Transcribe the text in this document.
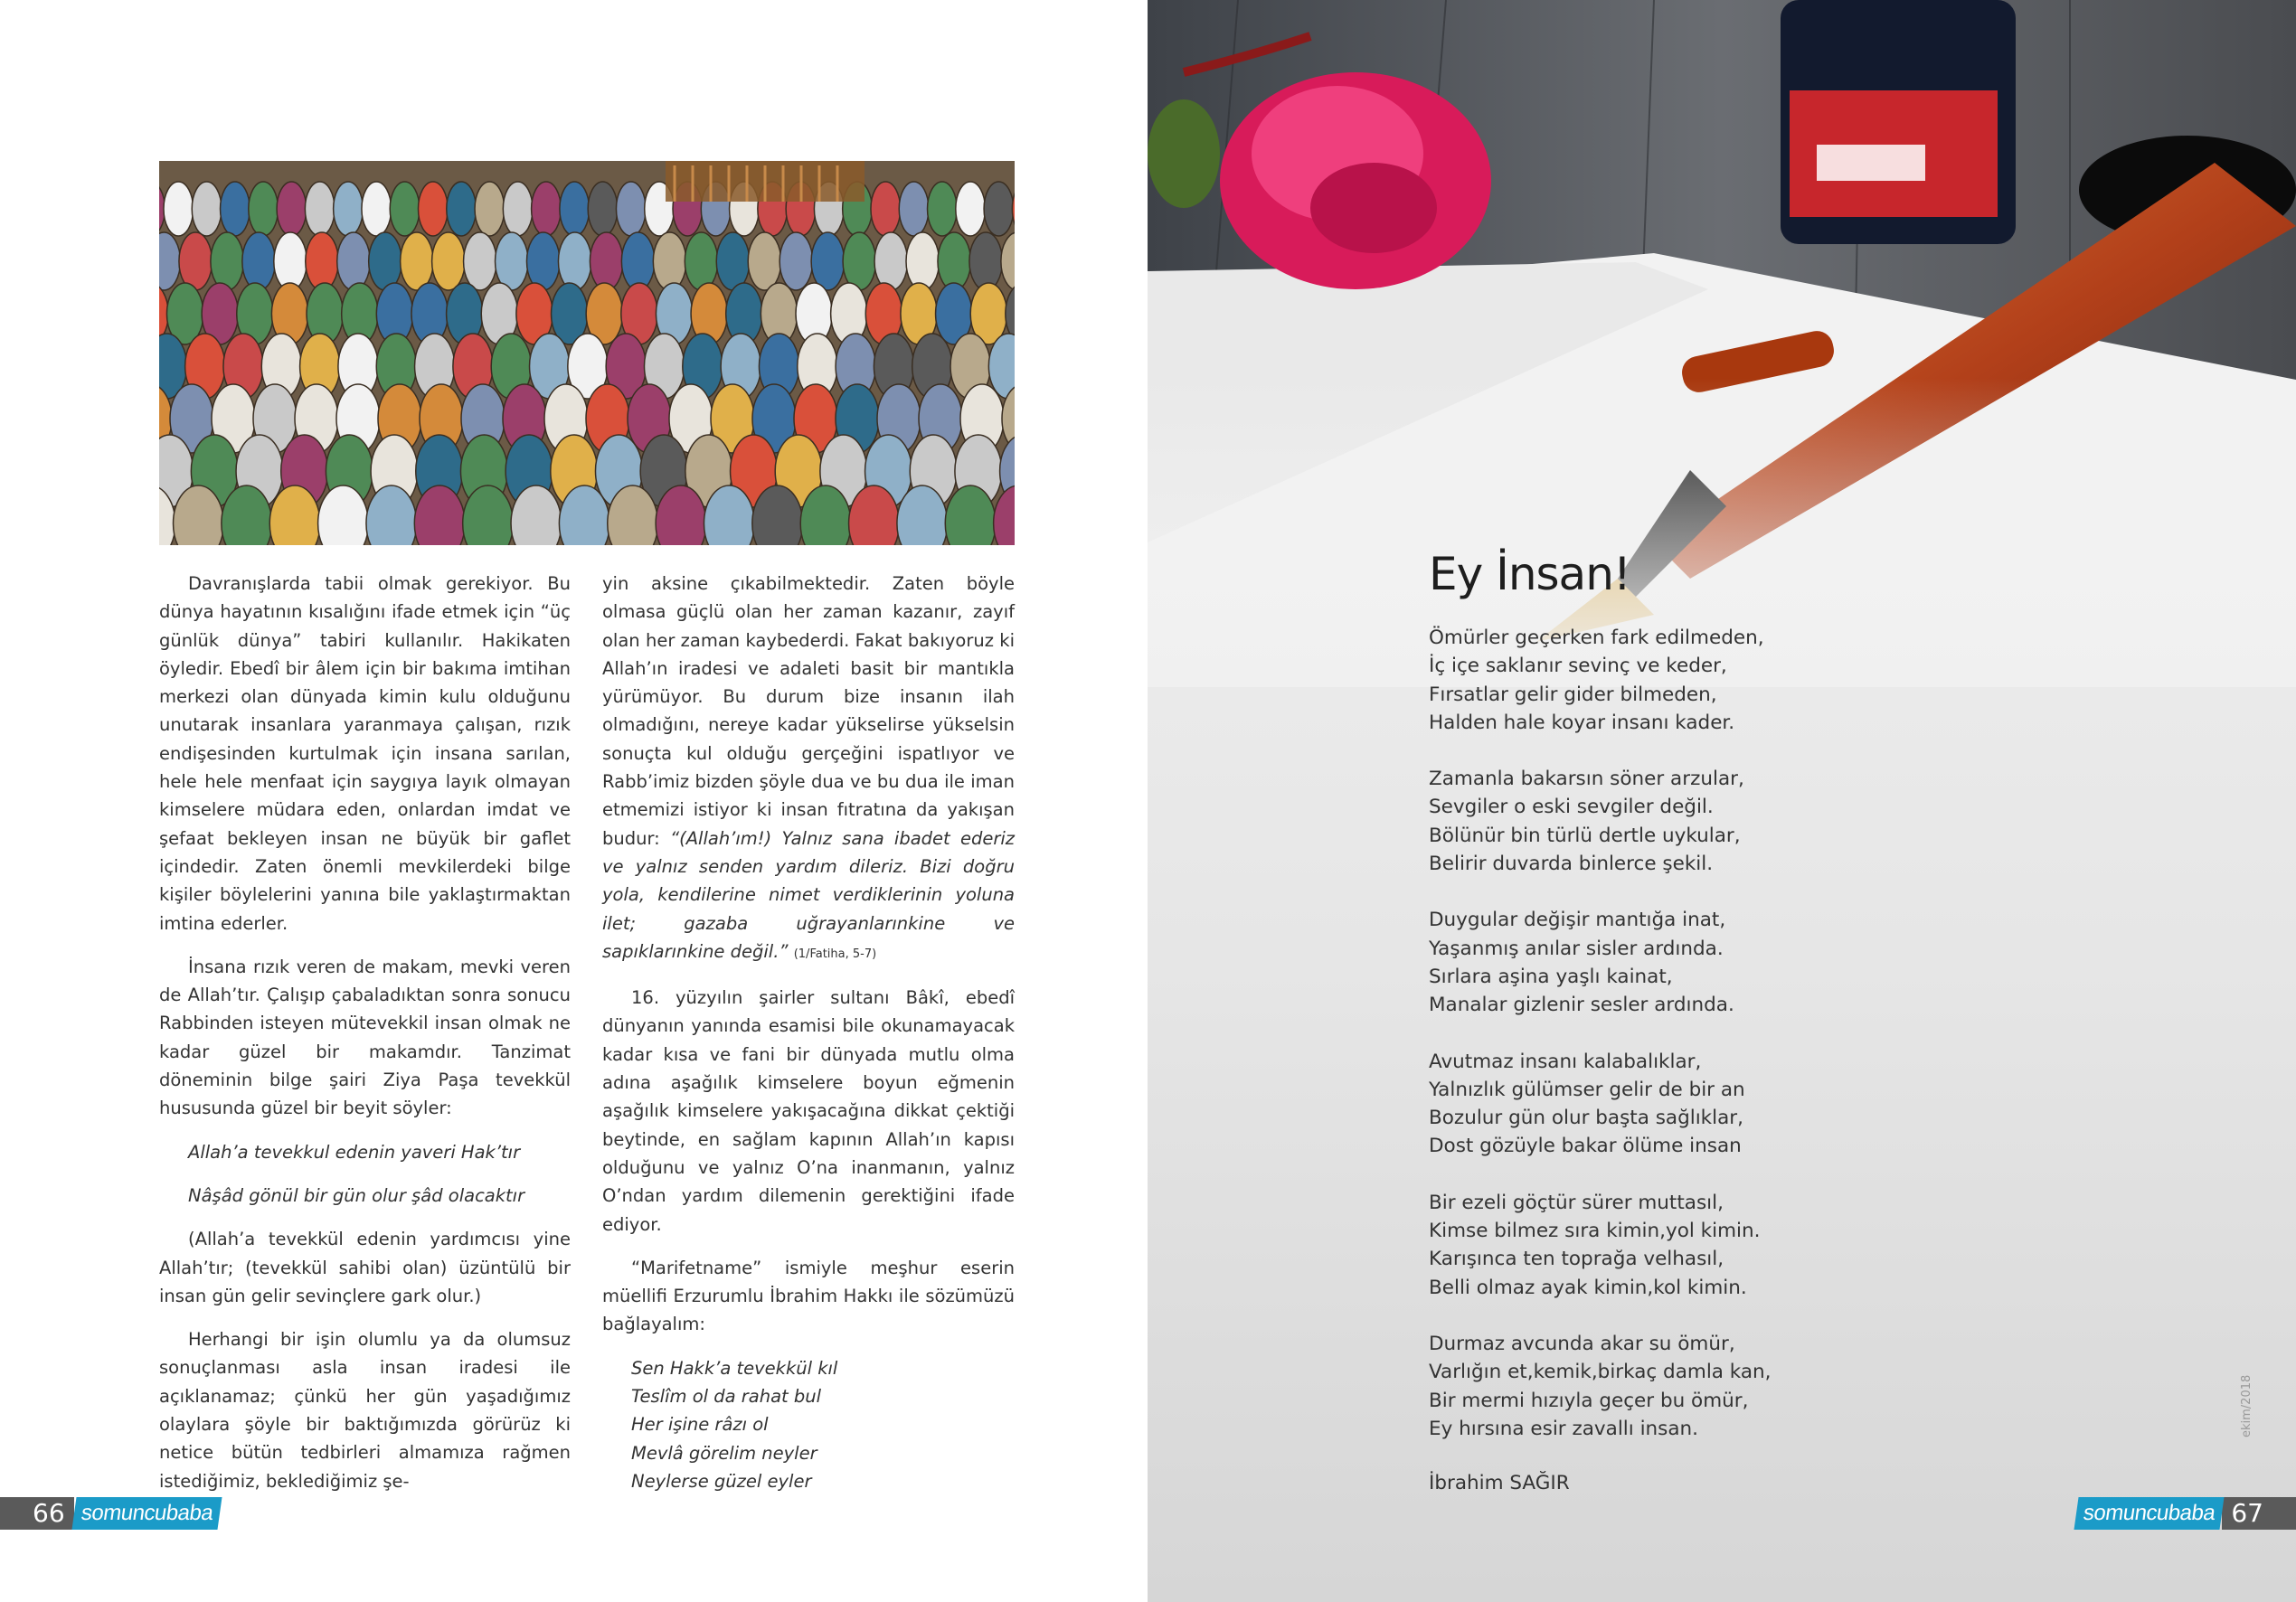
Davranışlarda tabii olmak gerekiyor. Bu dünya hayatının kısalığını ifade etmek için “üç günlük dünya” tabiri kullanılır. Hakikaten öyledir. Ebedî bir âlem için bir bakıma imtihan merkezi olan dünyada kimin kulu olduğunu unutarak insanlara yaranmaya çalışan, rızık endişesinden kurtulmak için insana sarılan, hele hele menfaat için saygıya layık olmayan kimselere müdara eden, onlardan imdat ve şefaat bekleyen insan ne büyük bir gaflet içindedir. Zaten önemli mevkilerdeki bilge kişiler böylelerini yanına bile yaklaştırmaktan imtina ederler.

İnsana rızık veren de makam, mevki veren de Allah’tır. Çalışıp çabaladıktan sonra sonucu Rabbinden isteyen mütevekkil insan olmak ne kadar güzel bir makamdır. Tanzimat döneminin bilge şairi Ziya Paşa tevekkül hususunda güzel bir beyit söyler:

Allah’a tevekkul edenin yaveri Hak’tır

Nâşâd gönül bir gün olur şâd olacaktır

(Allah’a tevekkül edenin yardımcısı yine Allah’tır; (tevekkül sahibi olan) üzüntülü bir insan gün gelir sevinçlere gark olur.)

Herhangi bir işin olumlu ya da olumsuz sonuçlanması asla insan iradesi ile açıklanamaz; çünkü her gün yaşadığımız olaylara şöyle bir baktığımızda görürüz ki netice bütün tedbirleri almamıza rağmen istediğimiz, beklediğimiz şe-

yin aksine çıkabilmektedir. Zaten böyle olmasa güçlü olan her zaman kazanır, zayıf olan her zaman kaybederdi. Fakat bakıyoruz ki Allah’ın iradesi ve adaleti basit bir mantıkla yürümüyor. Bu durum bize insanın ilah olmadığını, nereye kadar yükselirse yükselsin sonuçta kul olduğu gerçeğini ispatlıyor ve Rabb’imiz bizden şöyle dua ve bu dua ile iman etmemizi istiyor ki insan fıtratına da yakışan budur: “(Allah’ım!) Yalnız sana ibadet ederiz ve yalnız senden yardım dileriz. Bizi doğru yola, kendilerine nimet verdiklerinin yoluna ilet; gazaba uğrayanlarınkine ve sapıklarınkine değil.” (1/Fatiha, 5-7)

16. yüzyılın şairler sultanı Bâkî, ebedî dünyanın yanında esamisi bile okunamayacak kadar kısa ve fani bir dünyada mutlu olma adına aşağılık kimselere boyun eğmenin aşağılık kimselere yakışacağına dikkat çektiği beytinde, en sağlam kapının Allah’ın kapısı olduğunu ve yalnız O’na inanmanın, yalnız O’ndan yardım dilemenin gerektiğini ifade ediyor.

“Marifetname” ismiyle meşhur eserin müellifi Erzurumlu İbrahim Hakkı ile sözümüzü bağlayalım:

Sen Hakk’a tevekkül kıl
Teslîm ol da rahat bul
Her işine râzı ol
Mevlâ görelim neyler
Neylerse güzel eyler
66 somuncubaba
Ey İnsan!
Ömürler geçerken fark edilmeden,
İç içe saklanır sevinç ve keder,
Fırsatlar gelir gider bilmeden,
Halden hale koyar insanı kader.
Zamanla bakarsın söner arzular,
Sevgiler o eski sevgiler değil.
Bölünür bin türlü dertle uykular,
Belirir duvarda binlerce şekil.
Duygular değişir mantığa inat,
Yaşanmış anılar sisler ardında.
Sırlara aşina yaşlı kainat,
Manalar gizlenir sesler ardında.
Avutmaz insanı kalabalıklar,
Yalnızlık gülümser gelir de bir an
Bozulur gün olur başta sağlıklar,
Dost gözüyle bakar ölüme insan
Bir ezeli göçtür sürer muttasıl,
Kimse bilmez sıra kimin,yol kimin.
Karışınca ten toprağa velhasıl,
Belli olmaz ayak kimin,kol kimin.
Durmaz avcunda akar su ömür,
Varlığın et,kemik,birkaç damla kan,
Bir mermi hızıyla geçer bu ömür,
Ey hırsına esir zavallı insan.
İbrahim SAĞIR
ekim/2018
somuncubaba 67
